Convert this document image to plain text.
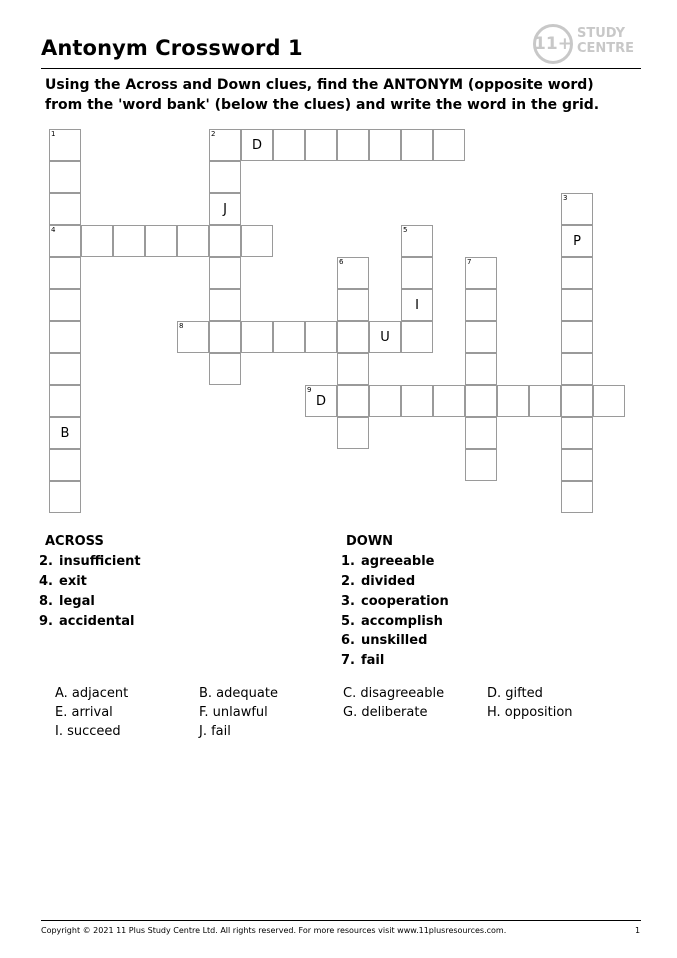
Antonym Crossword 1	11+
STUDY
CENTRE
Using the Across and Down clues, find the ANTONYM (opposite word)
from the 'word bank' (below the clues) and write the word in the grid.
1
4
B
2
D
J
3
P
5
I
6	7
8
U
9
D
ACROSS
2. insufficient
4. exit
8. legal
9. accidental
DOWN
1. agreeable
2. divided
3. cooperation
5. accomplish
6. unskilled
7. fail
A. adjacent	B. adequate	C. disagreeable	D. gifted
E. arrival	F. unlawful	G. deliberate	H. opposition
I. succeed	J. fail
Copyright © 2021 11 Plus Study Centre Ltd. All rights reserved. For more resources visit www.11plusresources.com.	1
